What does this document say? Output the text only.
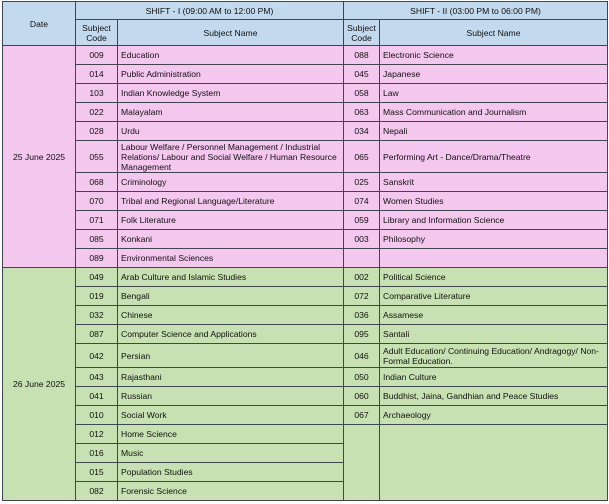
Date	SHIFT - I (09:00 AM to 12:00 PM)		SHIFT - II (03:00 PM to 06:00 PM)	
	Subject Code	Subject Name	Subject Code	Subject Name
25 June 2025	009	Education	088	Electronic Science
	014	Public Administration	045	Japanese
	103	Indian Knowledge System	058	Law
	022	Malayalam	063	Mass Communication and Journalism
	028	Urdu	034	Nepali
	055	Labour Welfare / Personnel Management / Industrial Relations/ Labour and Social Welfare / Human Resource Management	065	Performing Art - Dance/Drama/Theatre
	068	Criminology	025	Sanskrit
	070	Tribal and Regional Language/Literature	074	Women Studies
	071	Folk Literature	059	Library and Information Science
	085	Konkani	003	Philosophy
	089	Environmental Sciences		
26 June 2025	049	Arab Culture and Islamic Studies	002	Political Science
	019	Bengali	072	Comparative Literature
	032	Chinese	036	Assamese
	087	Computer Science and Applications	095	Santali
	042	Persian	046	Adult Education/ Continuing Education/ Andragogy/ Non-Formal Education.
	043	Rajasthani	050	Indian Culture
	041	Russian	060	Buddhist, Jaina, Gandhian and Peace Studies
	010	Social Work	067	Archaeology
	012	Home Science		
	016	Music		
	015	Population Studies		
	082	Forensic Science		
